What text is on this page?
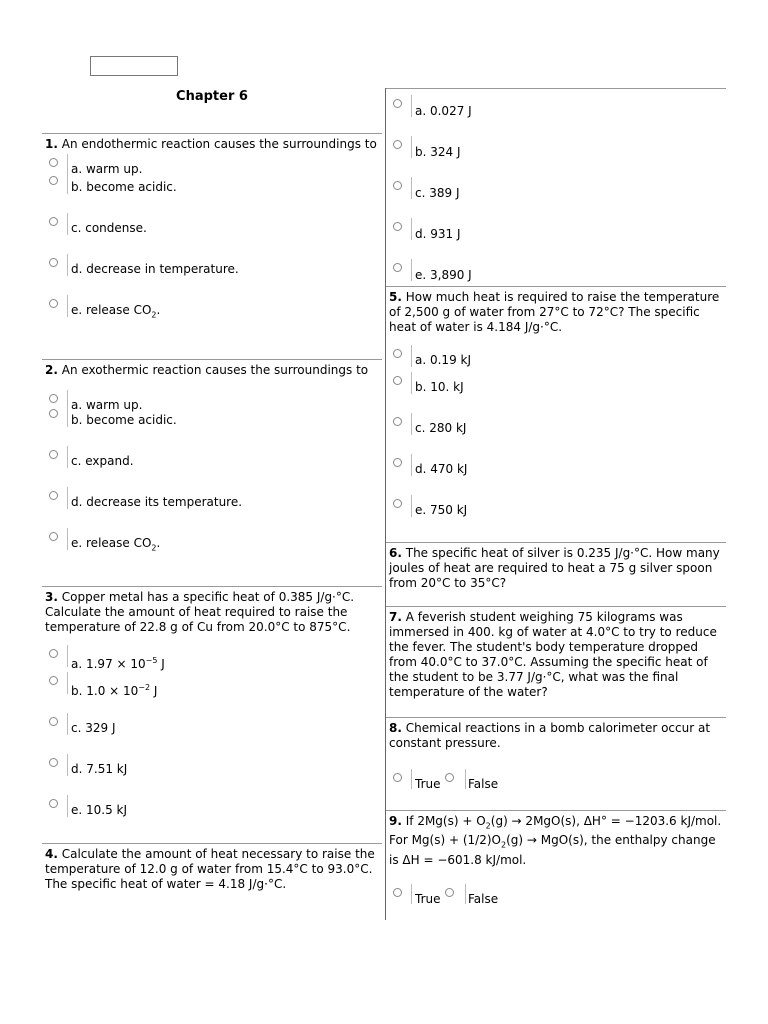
Chapter 6
1. An endothermic reaction causes the surroundings to
a. warm up.
b. become acidic.
c. condense.
d. decrease in temperature.
e. release $CO_2$.
2. An exothermic reaction causes the surroundings to
a. warm up.
b. become acidic.
c. expand.
d. decrease its temperature.
e. release $CO_2$.
3. Copper metal has a specific heat of 0.385 J/g·°C. Calculate the amount of heat required to raise the temperature of 22.8 g of Cu from 20.0°C to 875°C.
a. $1.97 \times 10^{-5}$ J
b. $1.0 \times 10^{-2}$ J
c. 329 J
d. 7.51 kJ
e. 10.5 kJ
4. Calculate the amount of heat necessary to raise the temperature of 12.0 g of water from 15.4°C to 93.0°C. The specific heat of water = 4.18 J/g·°C.
a. 0.027 J
b. 324 J
c. 389 J
d. 931 J
e. 3,890 J
5. How much heat is required to raise the temperature of 2,500 g of water from 27°C to 72°C? The specific heat of water is 4.184 J/g·°C.
a. 0.19 kJ
b. 10. kJ
c. 280 kJ
d. 470 kJ
e. 750 kJ
6. The specific heat of silver is 0.235 J/g·°C. How many joules of heat are required to heat a 75 g silver spoon from 20°C to 35°C?
7. A feverish student weighing 75 kilograms was immersed in 400. kg of water at 4.0°C to try to reduce the fever. The student's body temperature dropped from 40.0°C to 37.0°C. Assuming the specific heat of the student to be 3.77 J/g·°C, what was the final temperature of the water?
8. Chemical reactions in a bomb calorimeter occur at constant pressure.
True False
9. If $2Mg(s) + O_2(g) \to 2MgO(s)$, ΔH° = −1203.6 kJ/mol.
For $Mg(s) + (1/2)O_2(g) \to MgO(s)$, the enthalpy change is ΔH = −601.8 kJ/mol.
True False
